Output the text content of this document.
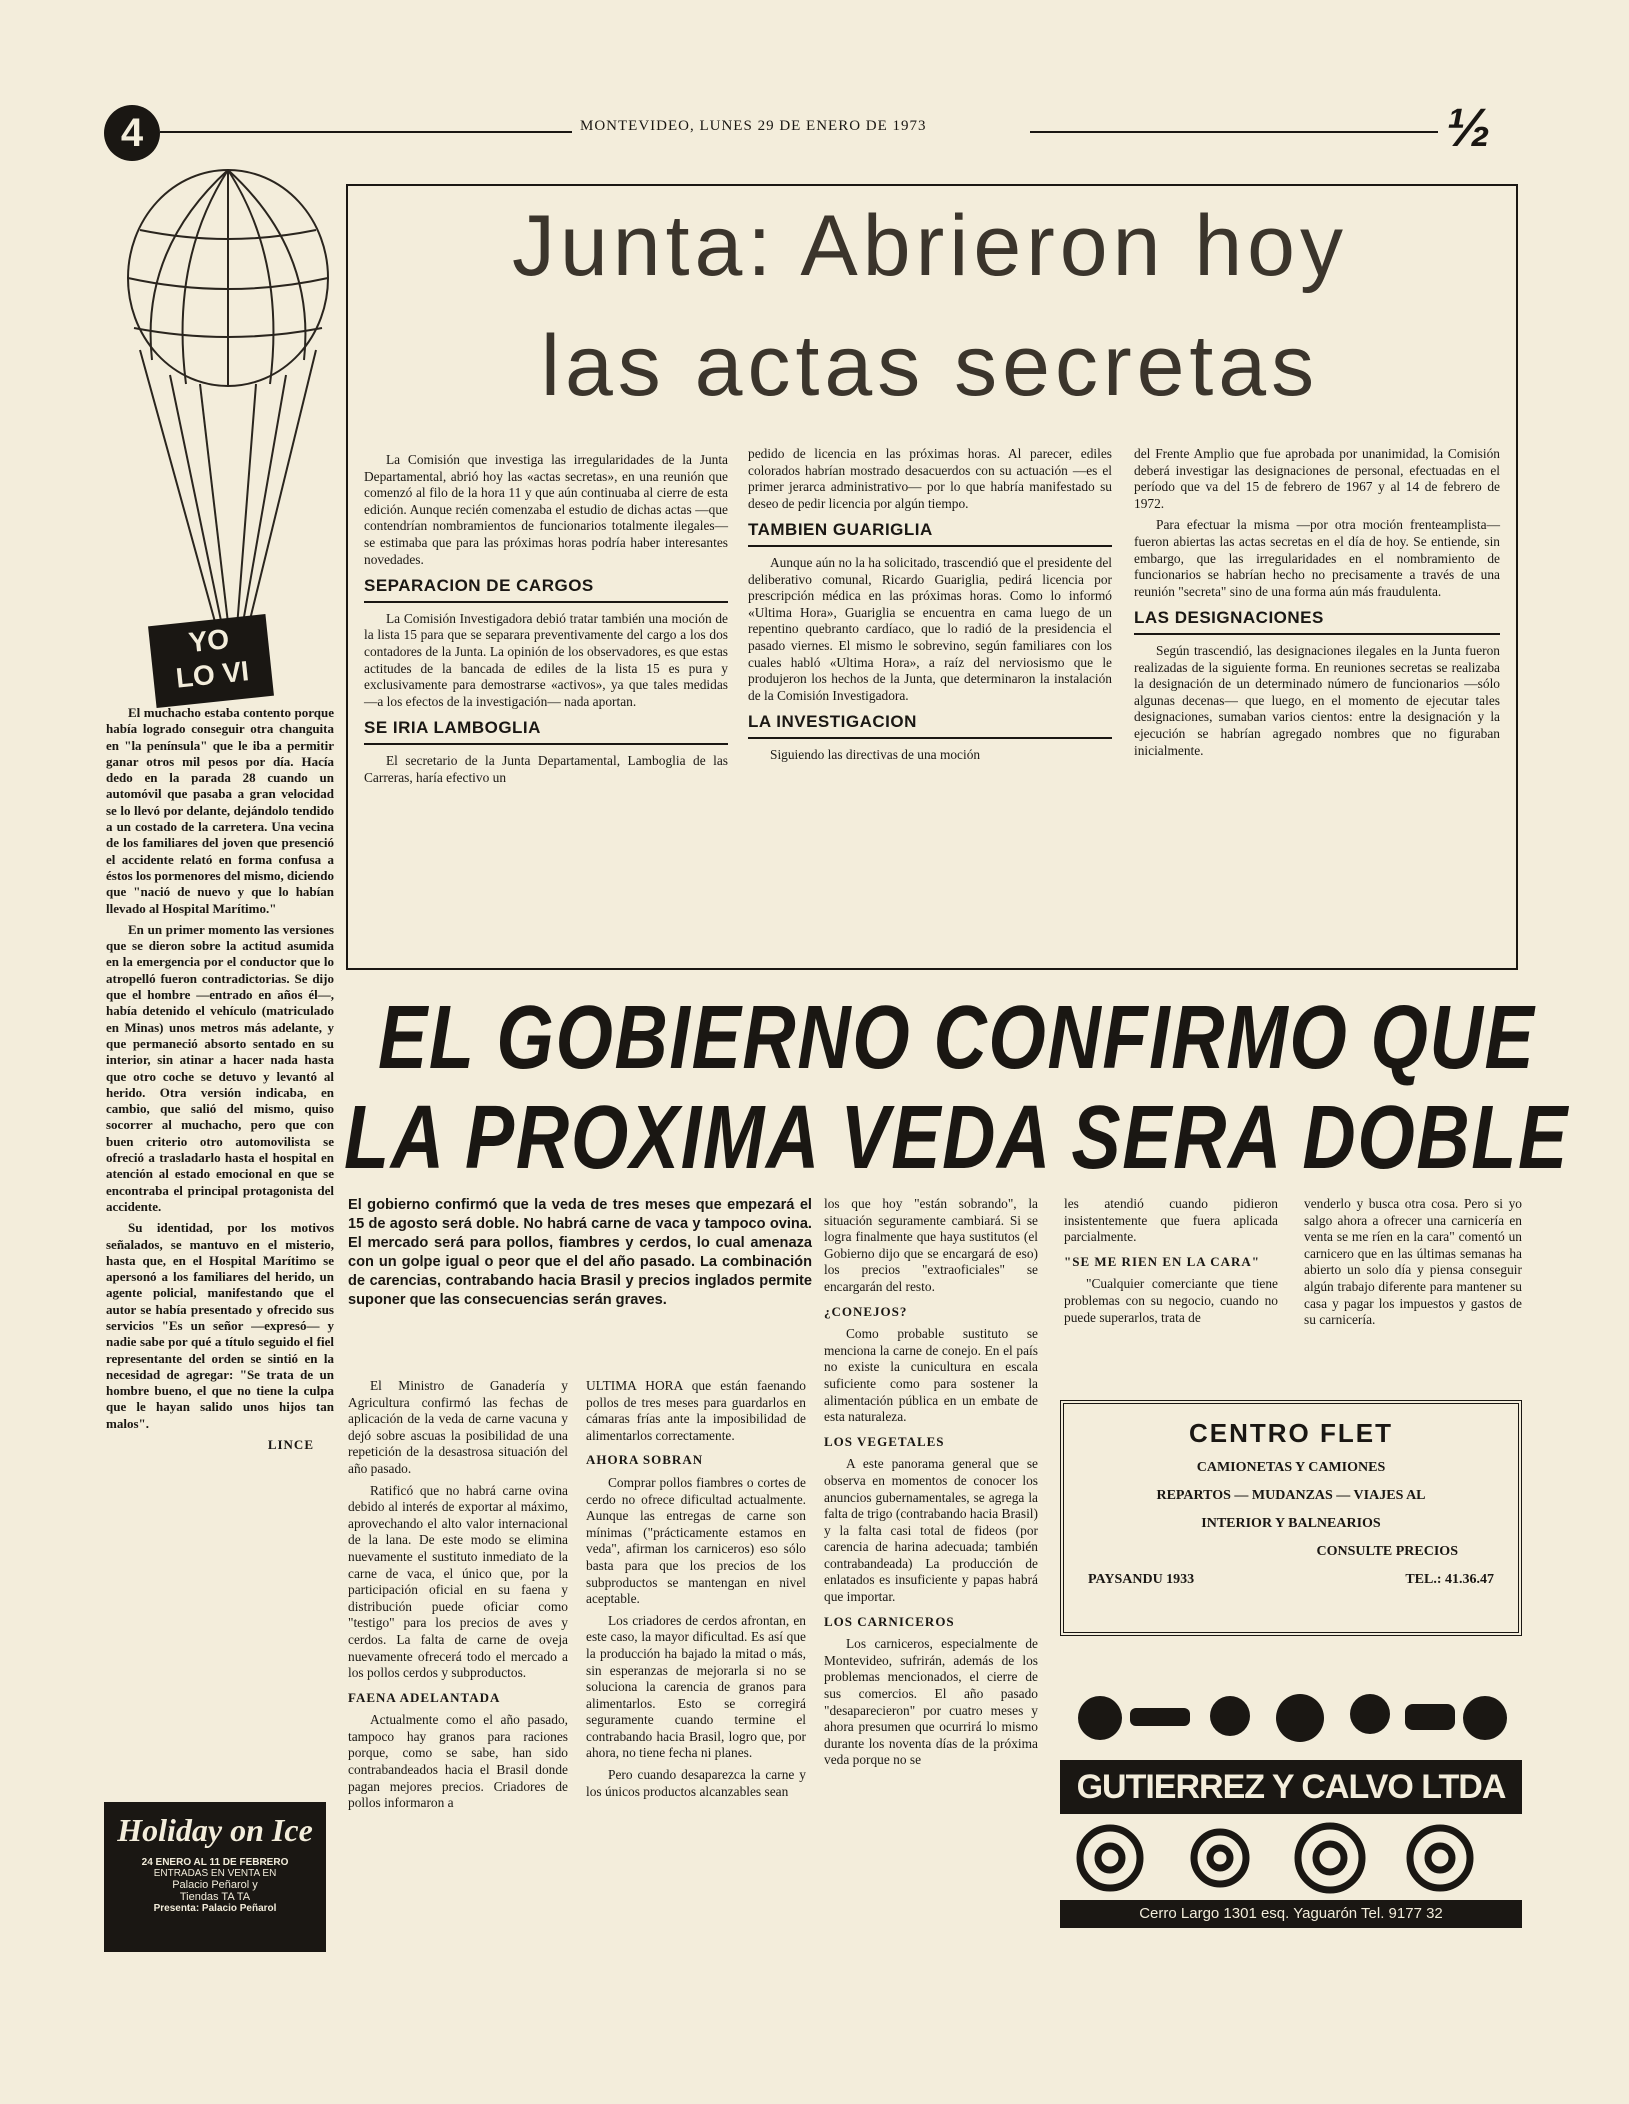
4	MONTEVIDEO, LUNES 29 DE ENERO DE 1973	½
YO
LO VI

El muchacho estaba contento porque había logrado conseguir otra changuita en "la península" que le iba a permitir ganar otros mil pesos por día. Hacía dedo en la parada 28 cuando un automóvil que pasaba a gran velocidad se lo llevó por delante, dejándolo tendido a un costado de la carretera. Una vecina de los familiares del joven que presenció el accidente relató en forma confusa a éstos los pormenores del mismo, diciendo que "nació de nuevo y que lo habían llevado al Hospital Marítimo."

En un primer momento las versiones que se dieron sobre la actitud asumida en la emergencia por el conductor que lo atropelló fueron contradictorias. Se dijo que el hombre —entrado en años él—, había detenido el vehículo (matriculado en Minas) unos metros más adelante, y que permaneció absorto sentado en su interior, sin atinar a hacer nada hasta que otro coche se detuvo y levantó al herido. Otra versión indicaba, en cambio, que salió del mismo, quiso socorrer al muchacho, pero que con buen criterio otro automovilista se ofreció a trasladarlo hasta el hospital en atención al estado emocional en que se encontraba el principal protagonista del accidente.

Su identidad, por los motivos señalados, se mantuvo en el misterio, hasta que, en el Hospital Marítimo se apersonó a los familiares del herido, un agente policial, manifestando que el autor se había presentado y ofrecido sus servicios "Es un señor —expresó— y nadie sabe por qué a título seguido el fiel representante del orden se sintió en la necesidad de agregar: "Se trata de un hombre bueno, el que no tiene la culpa que le hayan salido unos hijos tan malos".

LINCE
Holiday on Ice
24 ENERO AL 11 DE FEBRERO
ENTRADAS EN VENTA EN
Palacio Peñarol y
Tiendas TA TA
Presenta: Palacio Peñarol
Junta: Abrieron hoy
las actas secretas

La Comisión que investiga las irregularidades de la Junta Departamental, abrió hoy las «actas secretas», en una reunión que comenzó al filo de la hora 11 y que aún continuaba al cierre de esta edición. Aunque recién comenzaba el estudio de dichas actas —que contendrían nombramientos de funcionarios totalmente ilegales— se estimaba que para las próximas horas podría haber interesantes novedades.

SEPARACION DE CARGOS

La Comisión Investigadora debió tratar también una moción de la lista 15 para que se separara preventivamente del cargo a los dos contadores de la Junta. La opinión de los observadores, es que estas actitudes de la bancada de ediles de la lista 15 es pura y exclusivamente para demostrarse «activos», ya que tales medidas —a los efectos de la investigación— nada aportan.

SE IRIA LAMBOGLIA

El secretario de la Junta Departamental, Lamboglia de las Carreras, haría efectivo un

pedido de licencia en las próximas horas. Al parecer, ediles colorados habrían mostrado desacuerdos con su actuación —es el primer jerarca administrativo— por lo que habría manifestado su deseo de pedir licencia por algún tiempo.

TAMBIEN GUARIGLIA

Aunque aún no la ha solicitado, trascendió que el presidente del deliberativo comunal, Ricardo Guariglia, pedirá licencia por prescripción médica en las próximas horas. Como lo informó «Ultima Hora», Guariglia se encuentra en cama luego de un repentino quebranto cardíaco, que lo radió de la presidencia el pasado viernes. El mismo le sobrevino, según familiares con los cuales habló «Ultima Hora», a raíz del nerviosismo que le produjeron los hechos de la Junta, que determinaron la instalación de la Comisión Investigadora.

LA INVESTIGACION

Siguiendo las directivas de una moción

del Frente Amplio que fue aprobada por unanimidad, la Comisión deberá investigar las designaciones de personal, efectuadas en el período que va del 15 de febrero de 1967 y al 14 de febrero de 1972.

Para efectuar la misma —por otra moción frenteamplista— fueron abiertas las actas secretas en el día de hoy. Se entiende, sin embargo, que las irregularidades en el nombramiento de funcionarios se habrían hecho no precisamente a través de una reunión "secreta" sino de una forma aún más fraudulenta.

LAS DESIGNACIONES

Según trascendió, las designaciones ilegales en la Junta fueron realizadas de la siguiente forma. En reuniones secretas se realizaba la designación de un determinado número de funcionarios —sólo algunas decenas— que luego, en el momento de ejecutar tales designaciones, sumaban varios cientos: entre la designación y la ejecución se habrían agregado nombres que no figuraban inicialmente.

EL GOBIERNO CONFIRMO QUE
LA PROXIMA VEDA SERA DOBLE
El gobierno confirmó que la veda de tres meses que empezará el 15 de agosto será doble. No habrá carne de vaca y tampoco ovina. El mercado será para pollos, fiambres y cerdos, lo cual amenaza con un golpe igual o peor que el del año pasado. La combinación de carencias, contrabando hacia Brasil y precios inglados permite suponer que las consecuencias serán graves.

El Ministro de Ganadería y Agricultura confirmó las fechas de aplicación de la veda de carne vacuna y dejó sobre ascuas la posibilidad de una repetición de la desastrosa situación del año pasado.

Ratificó que no habrá carne ovina debido al interés de exportar al máximo, aprovechando el alto valor internacional de la lana. De este modo se elimina nuevamente el sustituto inmediato de la carne de vaca, el único que, por la participación oficial en su faena y distribución puede oficiar como "testigo" para los precios de aves y cerdos. La falta de carne de oveja nuevamente ofrecerá todo el mercado a los pollos cerdos y subproductos.

FAENA ADELANTADA

Actualmente como el año pasado, tampoco hay granos para raciones porque, como se sabe, han sido contrabandeados hacia el Brasil donde pagan mejores precios. Criadores de pollos informaron a

ULTIMA HORA que están faenando pollos de tres meses para guardarlos en cámaras frías ante la imposibilidad de alimentarlos correctamente.

AHORA SOBRAN

Comprar pollos fiambres o cortes de cerdo no ofrece dificultad actualmente. Aunque las entregas de carne son mínimas ("prácticamente estamos en veda", afirman los carniceros) eso sólo basta para que los precios de los subproductos se mantengan en nivel aceptable.

Los criadores de cerdos afrontan, en este caso, la mayor dificultad. Es así que la producción ha bajado la mitad o más, sin esperanzas de mejorarla si no se soluciona la carencia de granos para alimentarlos. Esto se corregirá seguramente cuando termine el contrabando hacia Brasil, logro que, por ahora, no tiene fecha ni planes.

Pero cuando desaparezca la carne y los únicos productos alcanzables sean

los que hoy "están sobrando", la situación seguramente cambiará. Si se logra finalmente que haya sustitutos (el Gobierno dijo que se encargará de eso) los precios "extraoficiales" se encargarán del resto.

¿CONEJOS?

Como probable sustituto se menciona la carne de conejo. En el país no existe la cunicultura en escala suficiente como para sostener la alimentación pública en un embate de esta naturaleza.

LOS VEGETALES

A este panorama general que se observa en momentos de conocer los anuncios gubernamentales, se agrega la falta de trigo (contrabando hacia Brasil) y la falta casi total de fideos (por carencia de harina adecuada; también contrabandeada) La producción de enlatados es insuficiente y papas habrá que importar.

LOS CARNICEROS

Los carniceros, especialmente de Montevideo, sufrirán, además de los problemas mencionados, el cierre de sus comercios. El año pasado "desaparecieron" por cuatro meses y ahora presumen que ocurrirá lo mismo durante los noventa días de la próxima veda porque no se

les atendió cuando pidieron insistentemente que fuera aplicada parcialmente.

"SE ME RIEN EN LA CARA"

"Cualquier comerciante que tiene problemas con su negocio, cuando no puede superarlos, trata de

venderlo y busca otra cosa. Pero si yo salgo ahora a ofrecer una carnicería en venta se me ríen en la cara" comentó un carnicero que en las últimas semanas ha abierto un solo día y piensa conseguir algún trabajo diferente para mantener su casa y pagar los impuestos y gastos de su carnicería.

CENTRO FLET
CAMIONETAS Y CAMIONES
REPARTOS — MUDANZAS — VIAJES AL
INTERIOR Y BALNEARIOS
CONSULTE PRECIOS
PAYSANDU 1933	TEL.: 41.36.47
GUTIERREZ Y CALVO LTDA
Cerro Largo 1301 esq. Yaguarón Tel. 9177 32
